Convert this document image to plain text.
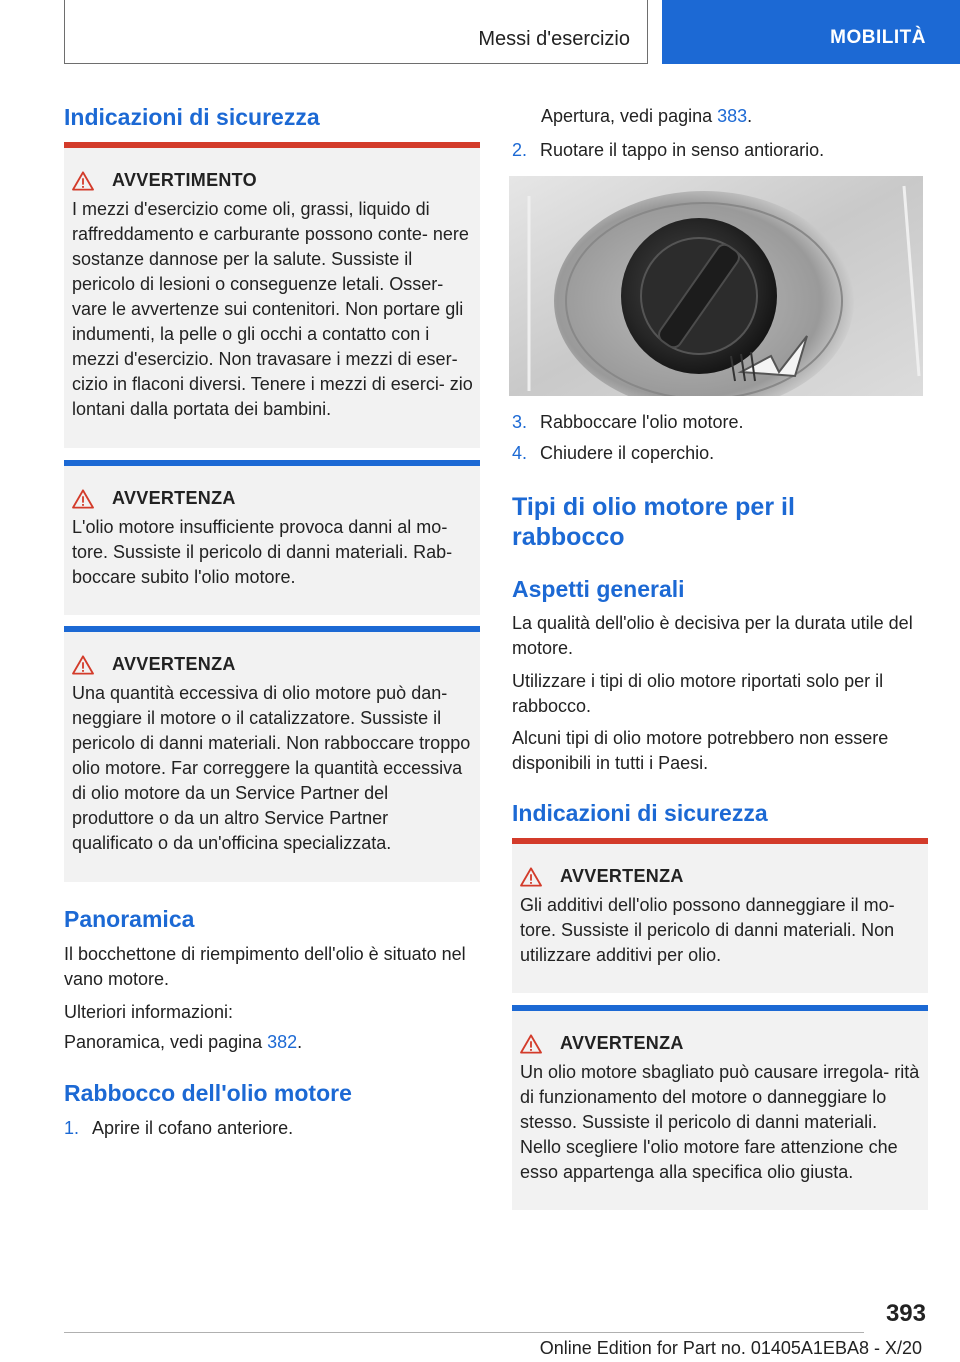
Messi d'esercizio	MOBILITÀ
Indicazioni di sicurezza
AVVERTIMENTO
I mezzi d'esercizio come oli, grassi, liquido di raffreddamento e carburante possono conte- nere sostanze dannose per la salute. Sussiste il pericolo di lesioni o conseguenze letali. Osser- vare le avvertenze sui contenitori. Non portare gli indumenti, la pelle o gli occhi a contatto con i mezzi d'esercizio. Non travasare i mezzi di eser- cizio in flaconi diversi. Tenere i mezzi di eserci- zio lontani dalla portata dei bambini.
AVVERTENZA
L'olio motore insufficiente provoca danni al mo- tore. Sussiste il pericolo di danni materiali. Rab- boccare subito l'olio motore.
AVVERTENZA
Una quantità eccessiva di olio motore può dan- neggiare il motore o il catalizzatore. Sussiste il pericolo di danni materiali. Non rabboccare troppo olio motore. Far correggere la quantità eccessiva di olio motore da un Service Partner del produttore o da un altro Service Partner qualificato o da un'officina specializzata.
Panoramica

Il bocchettone di riempimento dell'olio è situato nel vano motore.

Ulteriori informazioni:

Panoramica, vedi pagina 382.

Rabbocco dell'olio motore
1. Aprire il cofano anteriore.

Apertura, vedi pagina 383.

2. Ruotare il tappo in senso antiorario.
3. Rabboccare l'olio motore.
4. Chiudere il coperchio.
Tipi di olio motore per il rabbocco
Aspetti generali

La qualità dell'olio è decisiva per la durata utile del motore.

Utilizzare i tipi di olio motore riportati solo per il rabbocco.

Alcuni tipi di olio motore potrebbero non essere disponibili in tutti i Paesi.

Indicazioni di sicurezza
AVVERTENZA
Gli additivi dell'olio possono danneggiare il mo- tore. Sussiste il pericolo di danni materiali. Non utilizzare additivi per olio.
AVVERTENZA
Un olio motore sbagliato può causare irregola- rità di funzionamento del motore o danneggiare lo stesso. Sussiste il pericolo di danni materiali. Nello scegliere l'olio motore fare attenzione che esso appartenga alla specifica olio giusta.
393
Online Edition for Part no. 01405A1EBA8 - X/20
